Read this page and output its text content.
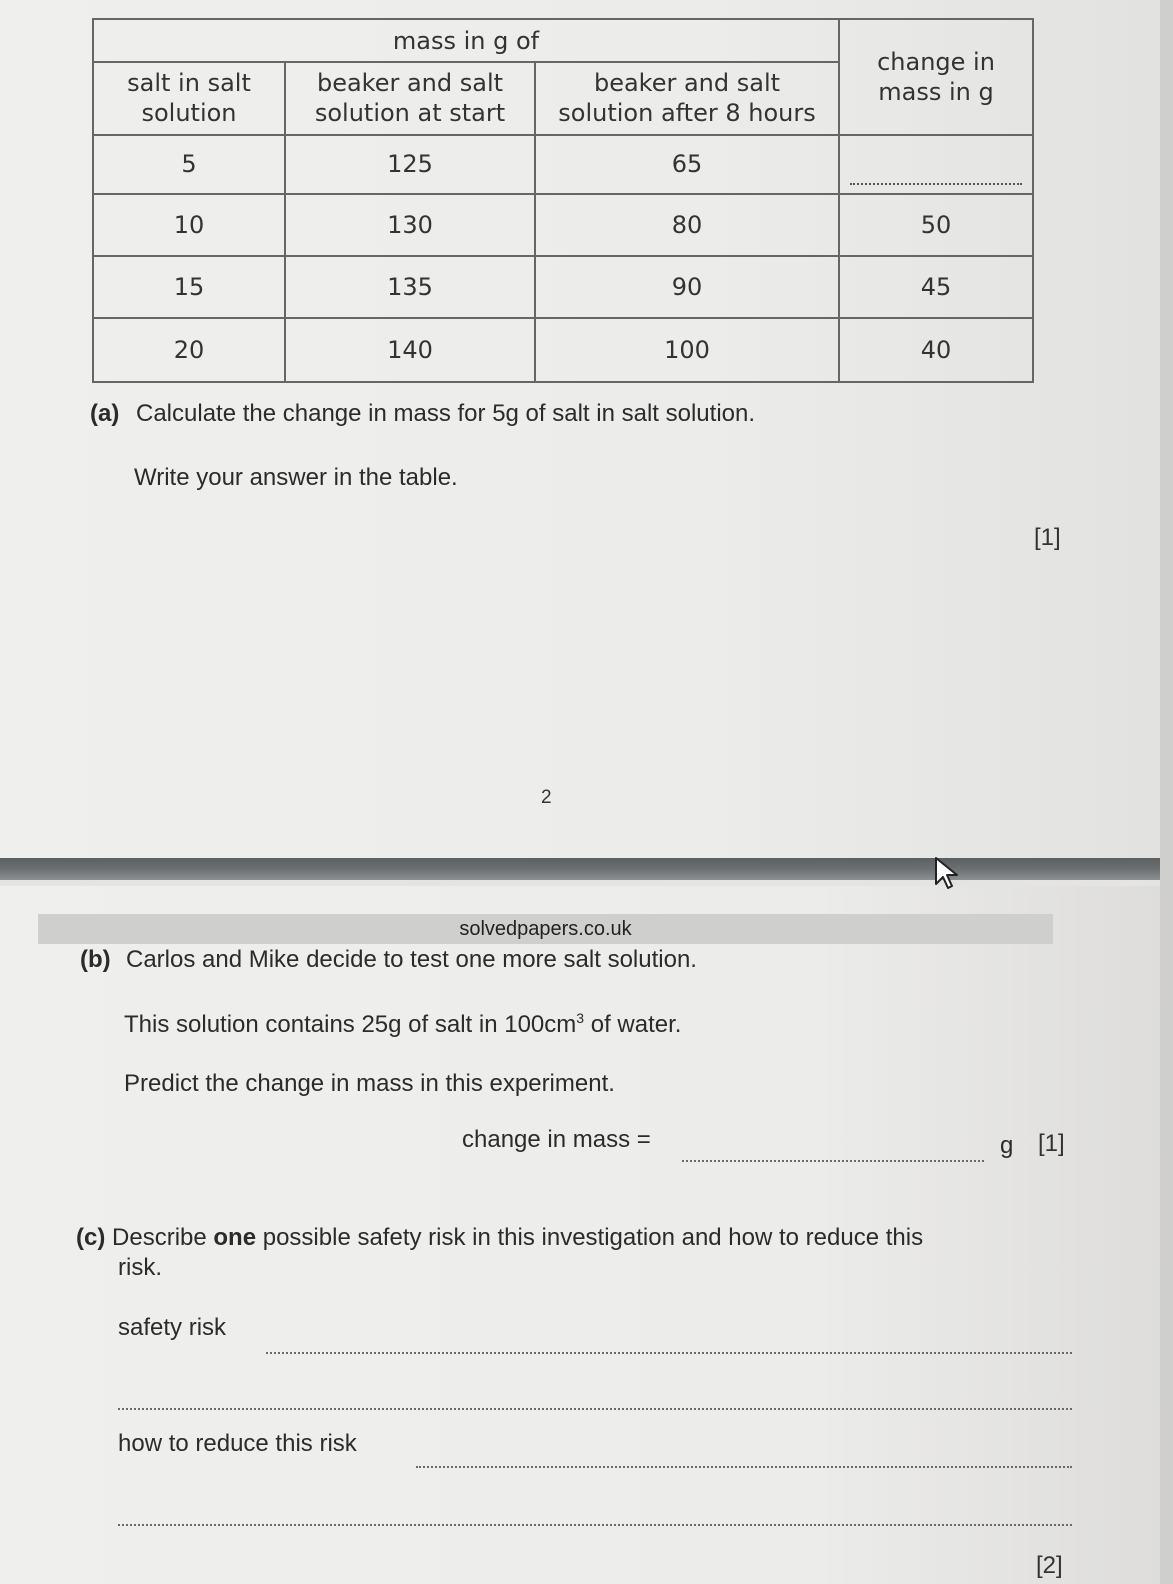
mass in g of			change in mass in g
salt in salt solution	beaker and salt solution at start	beaker and salt solution after 8 hours	
5	125	65	

10	130	80	50
15	135	90	45
20	140	100	40
(a) Calculate the change in mass for 5g of salt in salt solution.
Write your answer in the table.
[1]
2
solvedpapers.co.uk
(b) Carlos and Mike decide to test one more salt solution.
This solution contains 25g of salt in $100cm^3$ of water.
Predict the change in mass in this experiment.
change in mass =	g [1]
(c) Describe one possible safety risk in this investigation and how to reduce this
risk.
safety risk
how to reduce this risk
[2]
